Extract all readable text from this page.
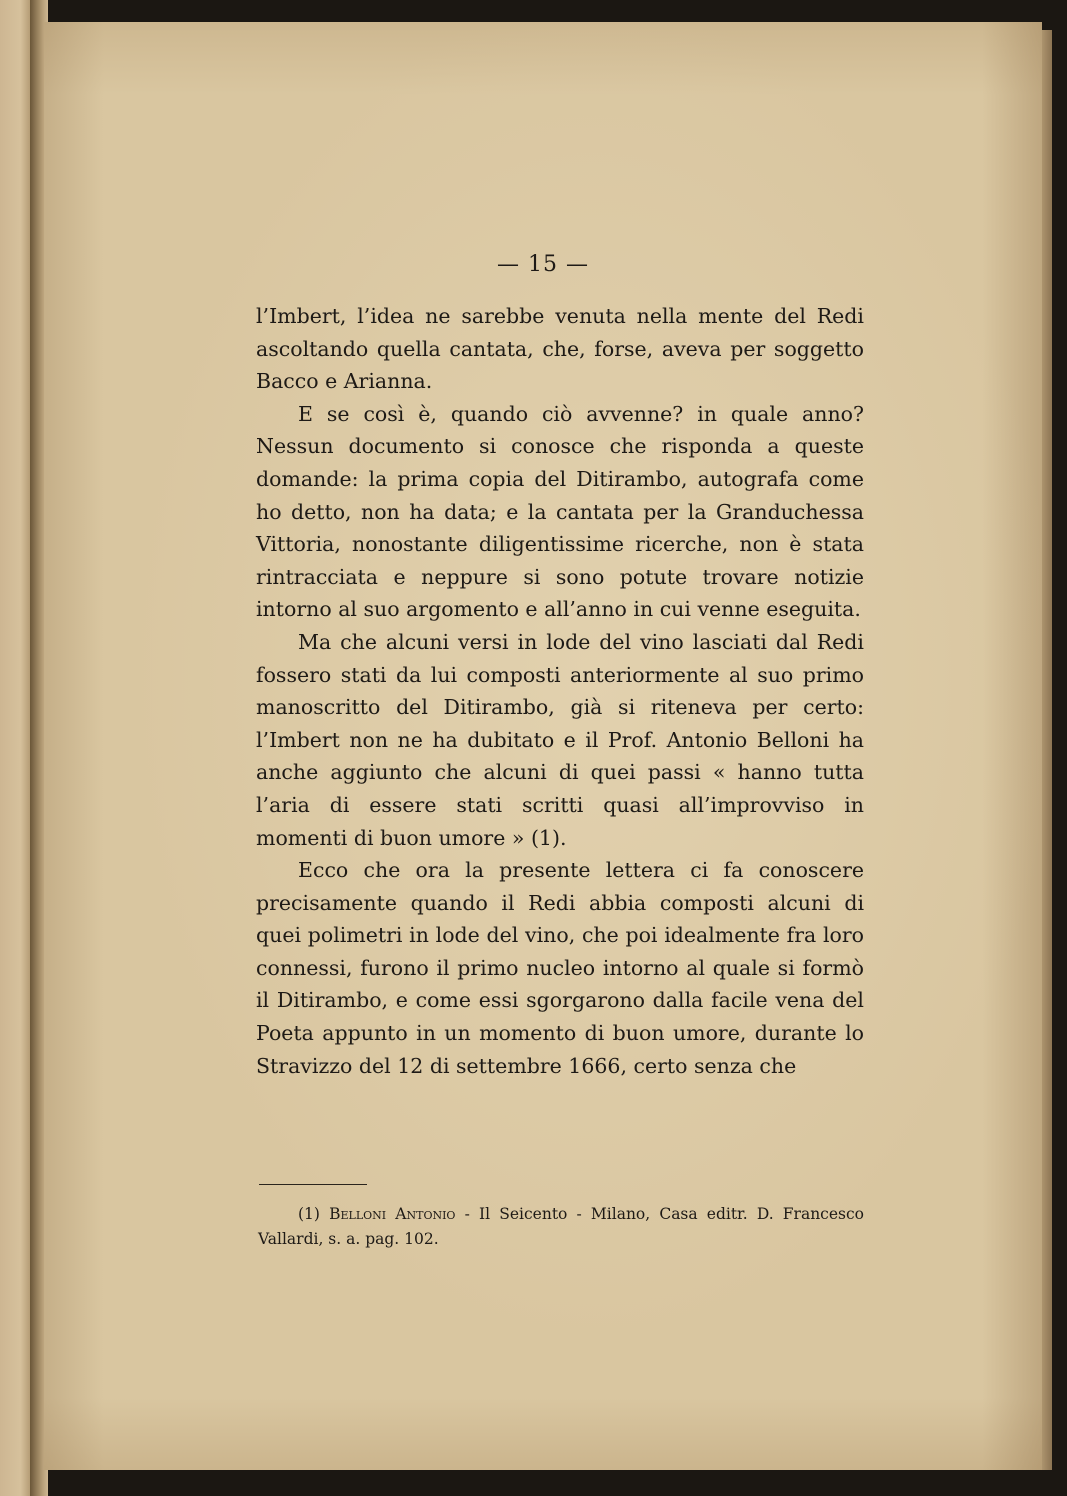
— 15 —

l’Imbert, l’idea ne sarebbe venuta nella mente del Redi ascoltando quella cantata, che, forse, aveva per soggetto Bacco e Arianna.

E se così è, quando ciò avvenne? in quale anno? Nessun documento si conosce che risponda a queste domande: la prima copia del Ditirambo, autografa come ho detto, non ha data; e la cantata per la Granduchessa Vittoria, nonostante diligentissime ricerche, non è stata rintracciata e neppure si sono potute trovare notizie intorno al suo argomento e all’anno in cui venne eseguita.

Ma che alcuni versi in lode del vino lasciati dal Redi fossero stati da lui composti anteriormente al suo primo manoscritto del Ditirambo, già si riteneva per certo: l’Imbert non ne ha dubitato e il Prof. Antonio Belloni ha anche aggiunto che alcuni di quei passi « hanno tutta l’aria di essere stati scritti quasi all’improvviso in momenti di buon umore » (1).

Ecco che ora la presente lettera ci fa conoscere precisamente quando il Redi abbia composti alcuni di quei polimetri in lode del vino, che poi idealmente fra loro connessi, furono il primo nucleo intorno al quale si formò il Ditirambo, e come essi sgorgarono dalla facile vena del Poeta appunto in un momento di buon umore, durante lo Stravizzo del 12 di settembre 1666, certo senza che

(1) Belloni Antonio - Il Seicento - Milano, Casa editr. D. Francesco Vallardi, s. a. pag. 102.
